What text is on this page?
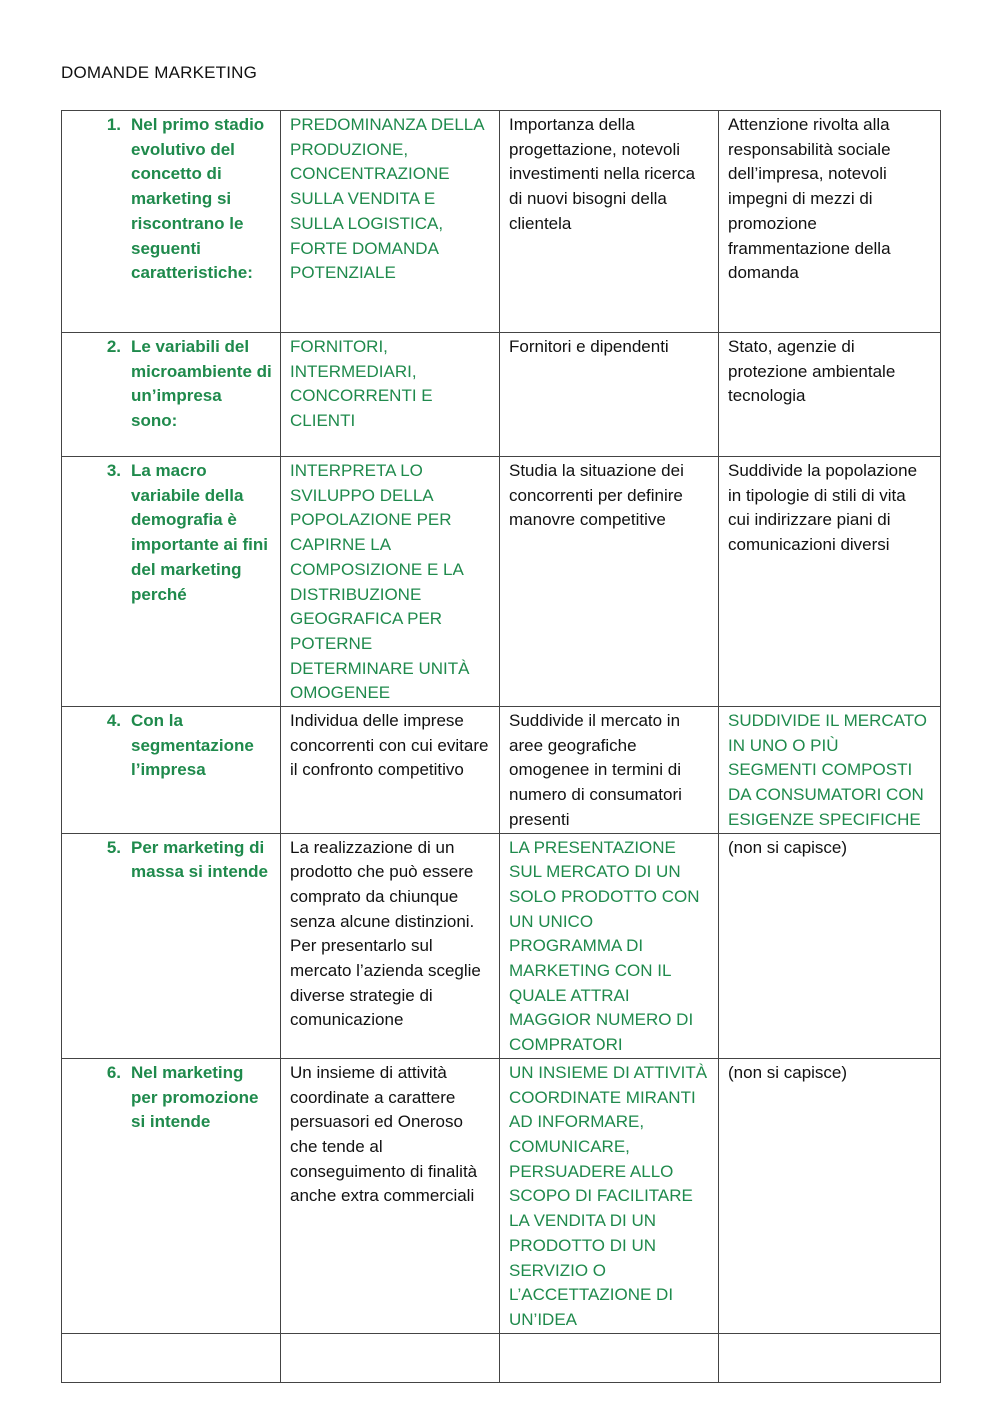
DOMANDE MARKETING
1. Nel primo stadio evolutivo del concetto di marketing si riscontrano le seguenti caratteristiche:	PREDOMINANZA DELLA PRODUZIONE, CONCENTRAZIONE SULLA VENDITA E SULLA LOGISTICA, FORTE DOMANDA POTENZIALE	Importanza della progettazione, notevoli investimenti nella ricerca di nuovi bisogni della clientela	Attenzione rivolta alla responsabilità sociale dell’impresa, notevoli impegni di mezzi di promozione frammentazione della domanda

2. Le variabili del microambiente di un’impresa sono:	FORNITORI, INTERMEDIARI, CONCORRENTI E CLIENTI	Fornitori e dipendenti	Stato, agenzie di protezione ambientale tecnologia

3. La macro variabile della demografia è importante ai fini del marketing perché	INTERPRETA LO SVILUPPO DELLA POPOLAZIONE PER CAPIRNE LA COMPOSIZIONE E LA DISTRIBUZIONE GEOGRAFICA PER POTERNE DETERMINARE UNITÀ OMOGENEE	Studia la situazione dei concorrenti per definire manovre competitive	Suddivide la popolazione in tipologie di stili di vita cui indirizzare piani di comunicazioni diversi

4. Con la segmentazione l’impresa	Individua delle imprese concorrenti con cui evitare il confronto competitivo	Suddivide il mercato in aree geografiche omogenee in termini di numero di consumatori presenti	SUDDIVIDE IL MERCATO IN UNO O PIÙ SEGMENTI COMPOSTI DA CONSUMATORI CON ESIGENZE SPECIFICHE

5. Per marketing di massa si intende	La realizzazione di un prodotto che può essere comprato da chiunque senza alcune distinzioni. Per presentarlo sul mercato l’azienda sceglie diverse strategie di comunicazione	LA PRESENTAZIONE SUL MERCATO DI UN SOLO PRODOTTO CON UN UNICO PROGRAMMA DI MARKETING CON IL QUALE ATTRAI MAGGIOR NUMERO DI COMPRATORI	(non si capisce)

6. Nel marketing per promozione si intende	Un insieme di attività coordinate a carattere persuasori ed Oneroso che tende al conseguimento di finalità anche extra commerciali	UN INSIEME DI ATTIVITÀ COORDINATE MIRANTI AD INFORMARE, COMUNICARE, PERSUADERE ALLO SCOPO DI FACILITARE LA VENDITA DI UN PRODOTTO DI UN SERVIZIO O L’ACCETTAZIONE DI UN’IDEA	(non si capisce)
